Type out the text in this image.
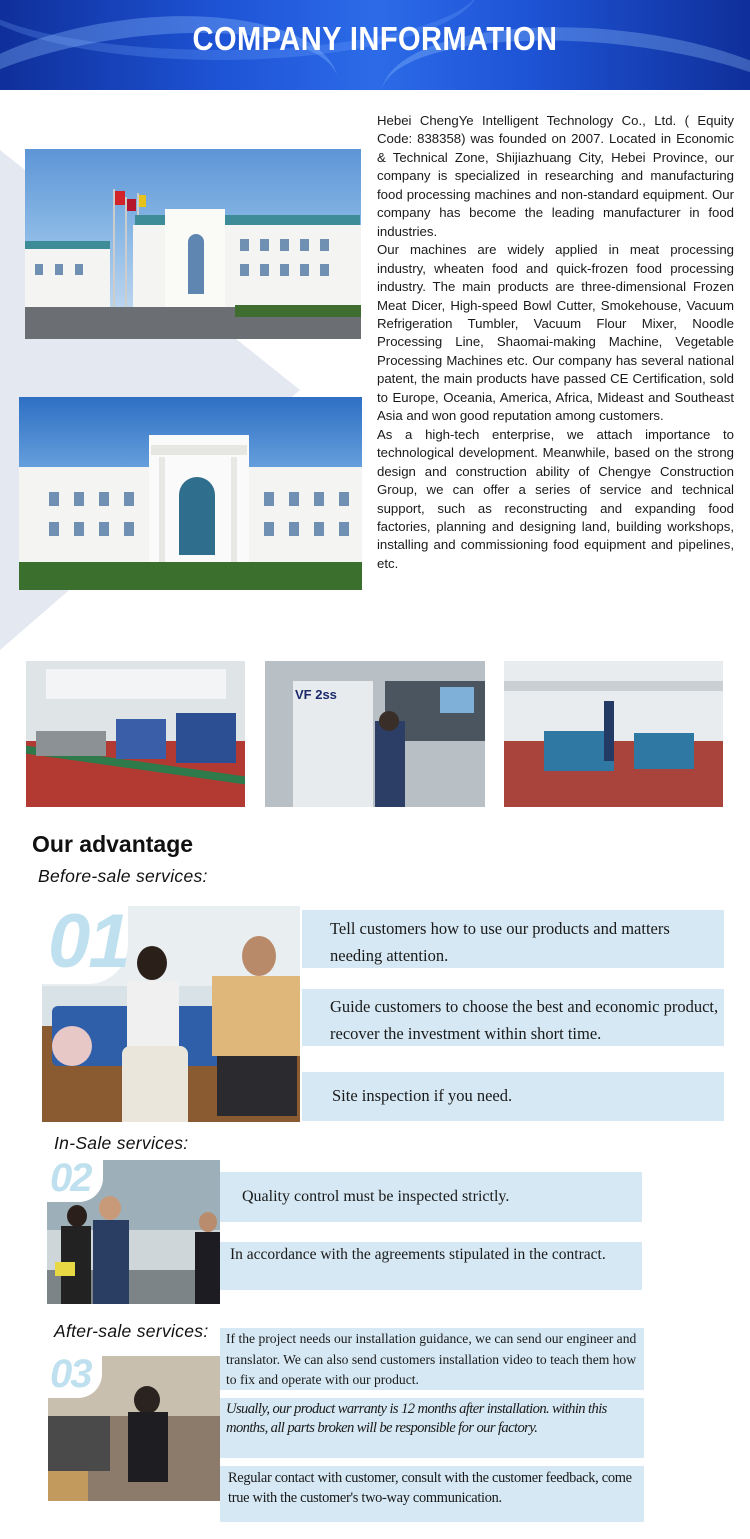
COMPANY INFORMATION

Hebei ChengYe Intelligent Technology Co., Ltd. ( Equity Code: 838358) was founded on 2007. Located in Economic & Technical Zone, Shijiazhuang City, Hebei Province, our company is specialized in researching and manufacturing food processing machines and non-standard equipment. Our company has become the leading manufacturer in food industries.

Our machines are widely applied in meat processing industry, wheaten food and quick-frozen food processing industry. The main products are three-dimensional Frozen Meat Dicer, High-speed Bowl Cutter, Smokehouse, Vacuum Refrigeration Tumbler, Vacuum Flour Mixer, Noodle Processing Line, Shaomai-making Machine, Vegetable Processing Machines etc. Our company has several national patent, the main products have passed CE Certification, sold to Europe, Oceania, America, Africa, Mideast and Southeast Asia and won good reputation among customers.

As a high-tech enterprise, we attach importance to technological development. Meanwhile, based on the strong design and construction ability of Chengye Construction Group, we can offer a series of service and technical support, such as reconstructing and expanding food factories, planning and designing land, building workshops, installing and commissioning food equipment and pipelines, etc.

VF 2ss
Our advantage
Before-sale services:
01	Tell customers how to use our products and matters needing attention.
Guide customers to choose the best and economic product, recover the investment within short time.
Site inspection if you need.
In-Sale services:
02	Quality control must be inspected strictly.
In accordance with the agreements stipulated in the contract.
After-sale services:
03
If the project needs our installation guidance, we can send our engineer and translator. We can also send customers installation video to teach them how to fix and operate with our product.
Usually, our product warranty is 12 months after installation. within this months, all parts broken will be responsible for our factory.
Regular contact with customer, consult with the customer feedback, come true with the customer's two-way communication.
